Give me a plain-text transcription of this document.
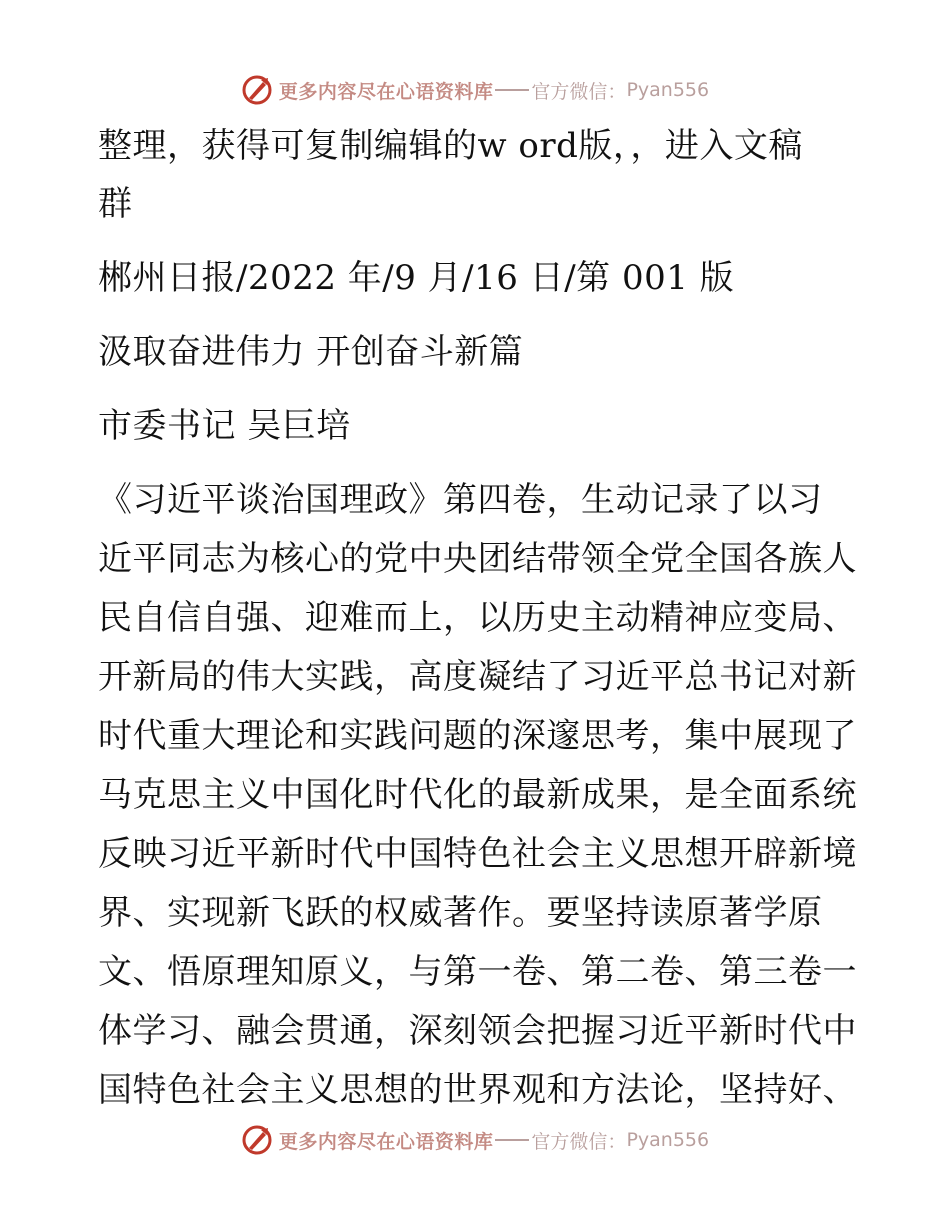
更多内容尽在心语资料库 官方微信： Pyan556
整理，获得可复制编辑的w ord版，，进入文稿
群
郴州日报/2022 年/9 月/16 日/第 001 版
汲取奋进伟力 开创奋斗新篇
市委书记 吴巨培
《习近平谈治国理政》第四卷，生动记录了以习
近平同志为核心的党中央团结带领全党全国各族人
民自信自强、迎难而上，以历史主动精神应变局、
开新局的伟大实践，高度凝结了习近平总书记对新
时代重大理论和实践问题的深邃思考，集中展现了
马克思主义中国化时代化的最新成果，是全面系统
反映习近平新时代中国特色社会主义思想开辟新境
界、实现新飞跃的权威著作。要坚持读原著学原
文、悟原理知原义，与第一卷、第二卷、第三卷一
体学习、融会贯通，深刻领会把握习近平新时代中
国特色社会主义思想的世界观和方法论，坚持好、
更多内容尽在心语资料库 官方微信： Pyan556
